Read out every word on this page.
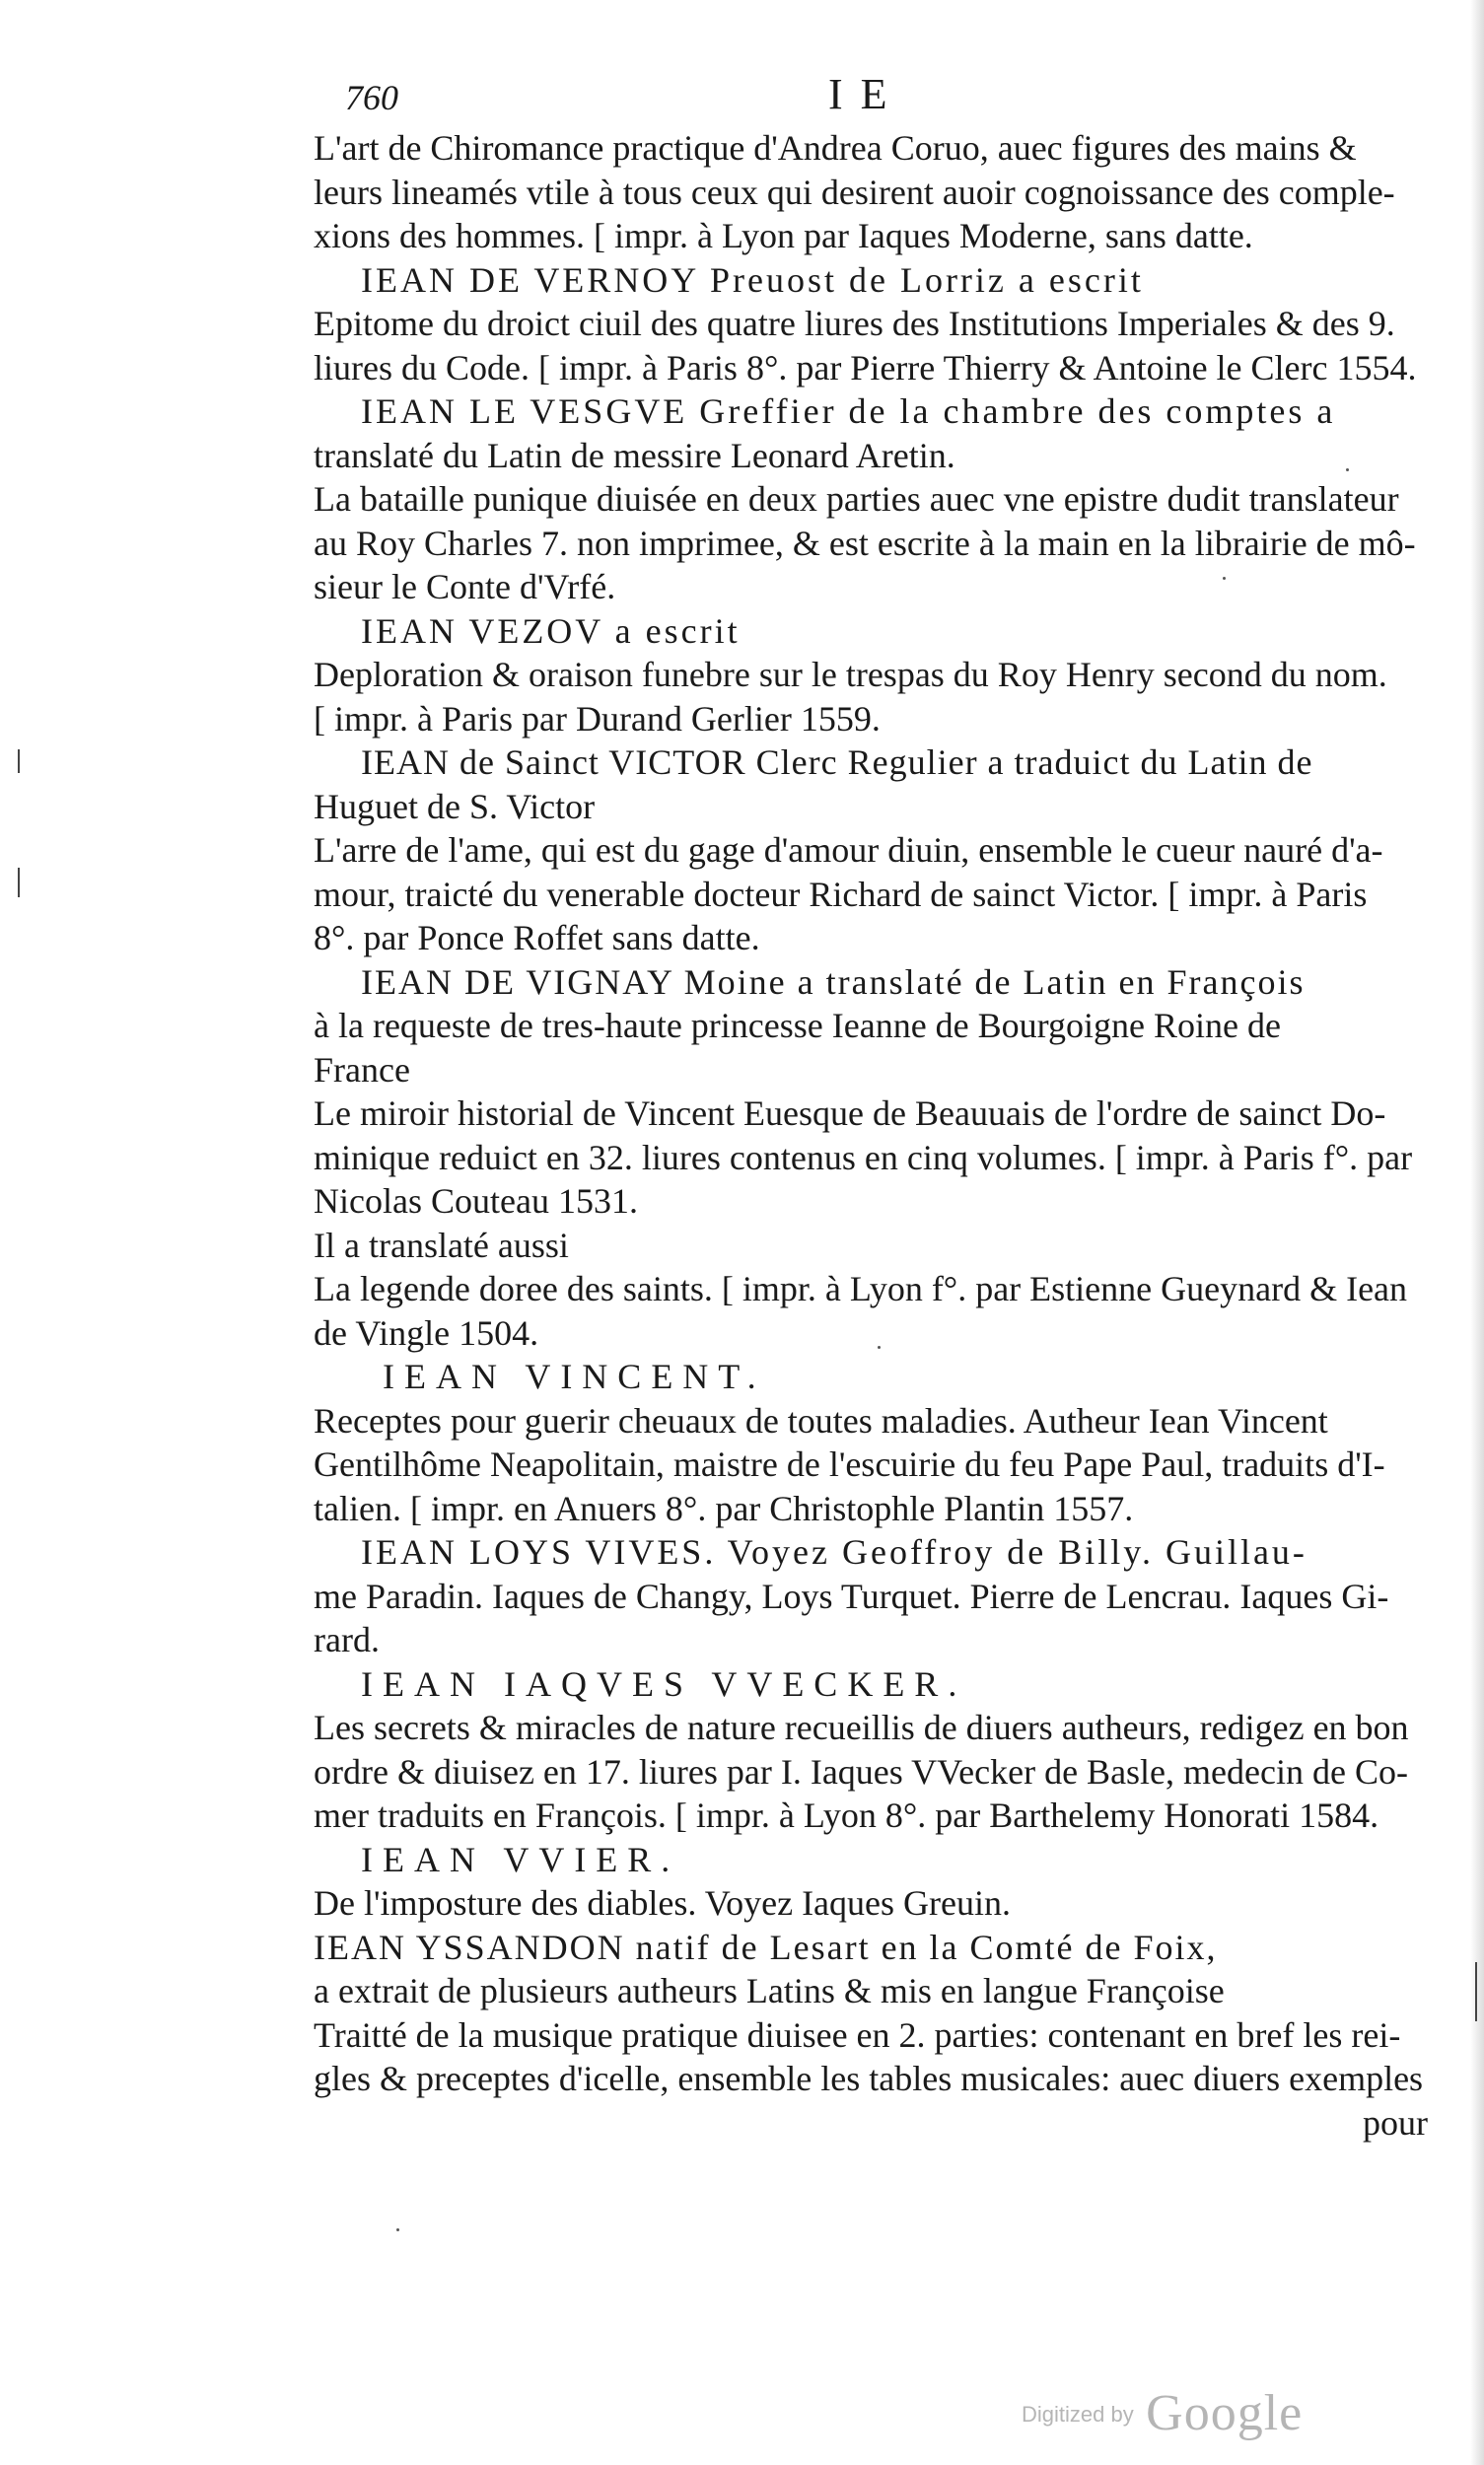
760	IE
L'art de Chiromance practique d'Andrea Coruo, auec figures des mains &
leurs lineamés vtile à tous ceux qui desirent auoir cognoissance des comple-
xions des hommes. [ impr. à Lyon par Iaques Moderne, sans datte.
IEAN DE VERNOY Preuost de Lorriz a escrit
Epitome du droict ciuil des quatre liures des Institutions Imperiales & des 9.
liures du Code. [ impr. à Paris 8°. par Pierre Thierry & Antoine le Clerc 1554.
IEAN LE VESGVE Greffier de la chambre des comptes a
translaté du Latin de messire Leonard Aretin.
La bataille punique diuisée en deux parties auec vne epistre dudit translateur
au Roy Charles 7. non imprimee, & est escrite à la main en la librairie de mô-
sieur le Conte d'Vrfé.
IEAN VEZOV a escrit
Deploration & oraison funebre sur le trespas du Roy Henry second du nom.
[ impr. à Paris par Durand Gerlier 1559.
IEAN de Sainct VICTOR Clerc Regulier a traduict du Latin de
Huguet de S. Victor
L'arre de l'ame, qui est du gage d'amour diuin, ensemble le cueur nauré d'a-
mour, traicté du venerable docteur Richard de sainct Victor. [ impr. à Paris
8°. par Ponce Roffet sans datte.
IEAN DE VIGNAY Moine a translaté de Latin en François
à la requeste de tres-haute princesse Ieanne de Bourgoigne Roine de
France
Le miroir historial de Vincent Euesque de Beauuais de l'ordre de sainct Do-
minique reduict en 32. liures contenus en cinq volumes. [ impr. à Paris f°. par
Nicolas Couteau 1531.
Il a translaté aussi
La legende doree des saints. [ impr. à Lyon f°. par Estienne Gueynard & Iean
de Vingle 1504.
IEAN VINCENT.
Receptes pour guerir cheuaux de toutes maladies. Autheur Iean Vincent
Gentilhôme Neapolitain, maistre de l'escuirie du feu Pape Paul, traduits d'I-
talien. [ impr. en Anuers 8°. par Christophle Plantin 1557.
IEAN LOYS VIVES. Voyez Geoffroy de Billy. Guillau-
me Paradin. Iaques de Changy, Loys Turquet. Pierre de Lencrau. Iaques Gi-
rard.
IEAN IAQVES VVECKER.
Les secrets & miracles de nature recueillis de diuers autheurs, redigez en bon
ordre & diuisez en 17. liures par I. Iaques VVecker de Basle, medecin de Co-
mer traduits en François. [ impr. à Lyon 8°. par Barthelemy Honorati 1584.
IEAN VVIER.
De l'imposture des diables. Voyez Iaques Greuin.
IEAN YSSANDON natif de Lesart en la Comté de Foix,
a extrait de plusieurs autheurs Latins & mis en langue Françoise
Traitté de la musique pratique diuisee en 2. parties: contenant en bref les rei-
gles & preceptes d'icelle, ensemble les tables musicales: auec diuers exemples
pour
Digitized by Google
